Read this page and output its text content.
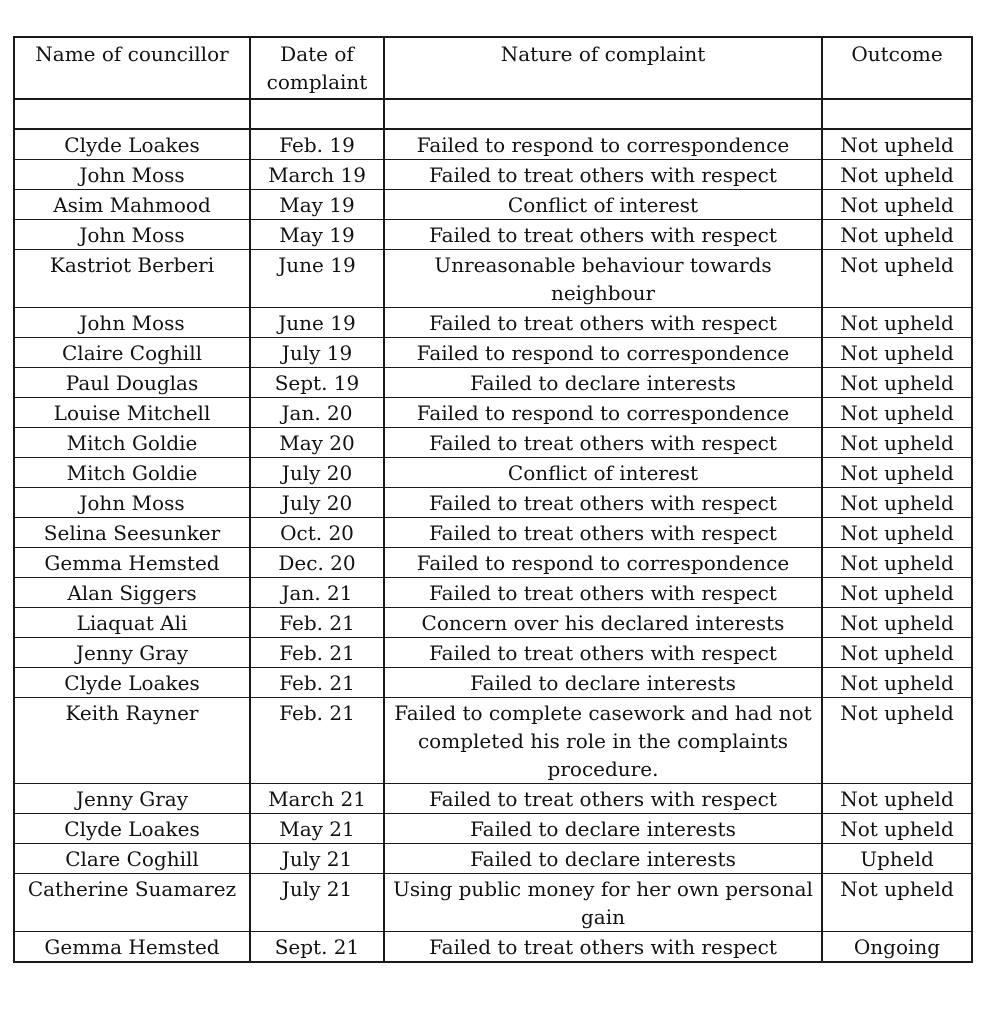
Name of councillor	Date of complaint	Nature of complaint	Outcome

Clyde Loakes	Feb. 19	Failed to respond to correspondence	Not upheld
John Moss	March 19	Failed to treat others with respect	Not upheld
Asim Mahmood	May 19	Conflict of interest	Not upheld
John Moss	May 19	Failed to treat others with respect	Not upheld
Kastriot Berberi	June 19	Unreasonable behaviour towards neighbour	Not upheld
John Moss	June 19	Failed to treat others with respect	Not upheld
Claire Coghill	July 19	Failed to respond to correspondence	Not upheld
Paul Douglas	Sept. 19	Failed to declare interests	Not upheld
Louise Mitchell	Jan. 20	Failed to respond to correspondence	Not upheld
Mitch Goldie	May 20	Failed to treat others with respect	Not upheld
Mitch Goldie	July 20	Conflict of interest	Not upheld
John Moss	July 20	Failed to treat others with respect	Not upheld
Selina Seesunker	Oct. 20	Failed to treat others with respect	Not upheld
Gemma Hemsted	Dec. 20	Failed to respond to correspondence	Not upheld
Alan Siggers	Jan. 21	Failed to treat others with respect	Not upheld
Liaquat Ali	Feb. 21	Concern over his declared interests	Not upheld
Jenny Gray	Feb. 21	Failed to treat others with respect	Not upheld
Clyde Loakes	Feb. 21	Failed to declare interests	Not upheld
Keith Rayner	Feb. 21	Failed to complete casework and had not completed his role in the complaints procedure.	Not upheld
Jenny Gray	March 21	Failed to treat others with respect	Not upheld
Clyde Loakes	May 21	Failed to declare interests	Not upheld
Clare Coghill	July 21	Failed to declare interests	Upheld
Catherine Suamarez	July 21	Using public money for her own personal gain	Not upheld
Gemma Hemsted	Sept. 21	Failed to treat others with respect	Ongoing
